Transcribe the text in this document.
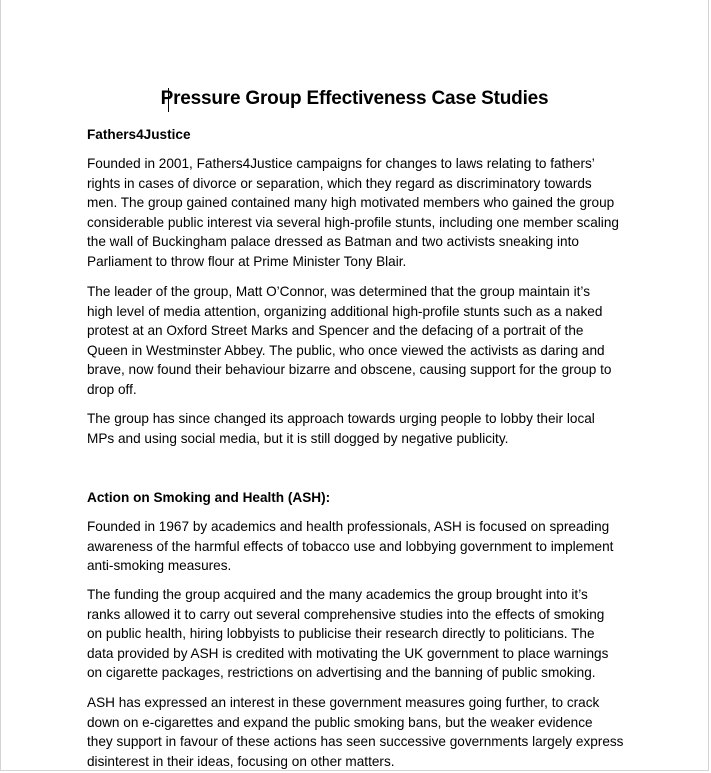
Pressure Group Effectiveness Case Studies

Fathers4Justice

Founded in 2001, Fathers4Justice campaigns for changes to laws relating to fathers’

rights in cases of divorce or separation, which they regard as discriminatory towards

men. The group gained contained many high motivated members who gained the group

considerable public interest via several high-profile stunts, including one member scaling

the wall of Buckingham palace dressed as Batman and two activists sneaking into

Parliament to throw flour at Prime Minister Tony Blair.

The leader of the group, Matt O’Connor, was determined that the group maintain it’s

high level of media attention, organizing additional high-profile stunts such as a naked

protest at an Oxford Street Marks and Spencer and the defacing of a portrait of the

Queen in Westminster Abbey. The public, who once viewed the activists as daring and

brave, now found their behaviour bizarre and obscene, causing support for the group to

drop off.

The group has since changed its approach towards urging people to lobby their local

MPs and using social media, but it is still dogged by negative publicity.

Action on Smoking and Health (ASH):

Founded in 1967 by academics and health professionals, ASH is focused on spreading

awareness of the harmful effects of tobacco use and lobbying government to implement

anti-smoking measures.

The funding the group acquired and the many academics the group brought into it’s

ranks allowed it to carry out several comprehensive studies into the effects of smoking

on public health, hiring lobbyists to publicise their research directly to politicians. The

data provided by ASH is credited with motivating the UK government to place warnings

on cigarette packages, restrictions on advertising and the banning of public smoking.

ASH has expressed an interest in these government measures going further, to crack

down on e-cigarettes and expand the public smoking bans, but the weaker evidence

they support in favour of these actions has seen successive governments largely express

disinterest in their ideas, focusing on other matters.
